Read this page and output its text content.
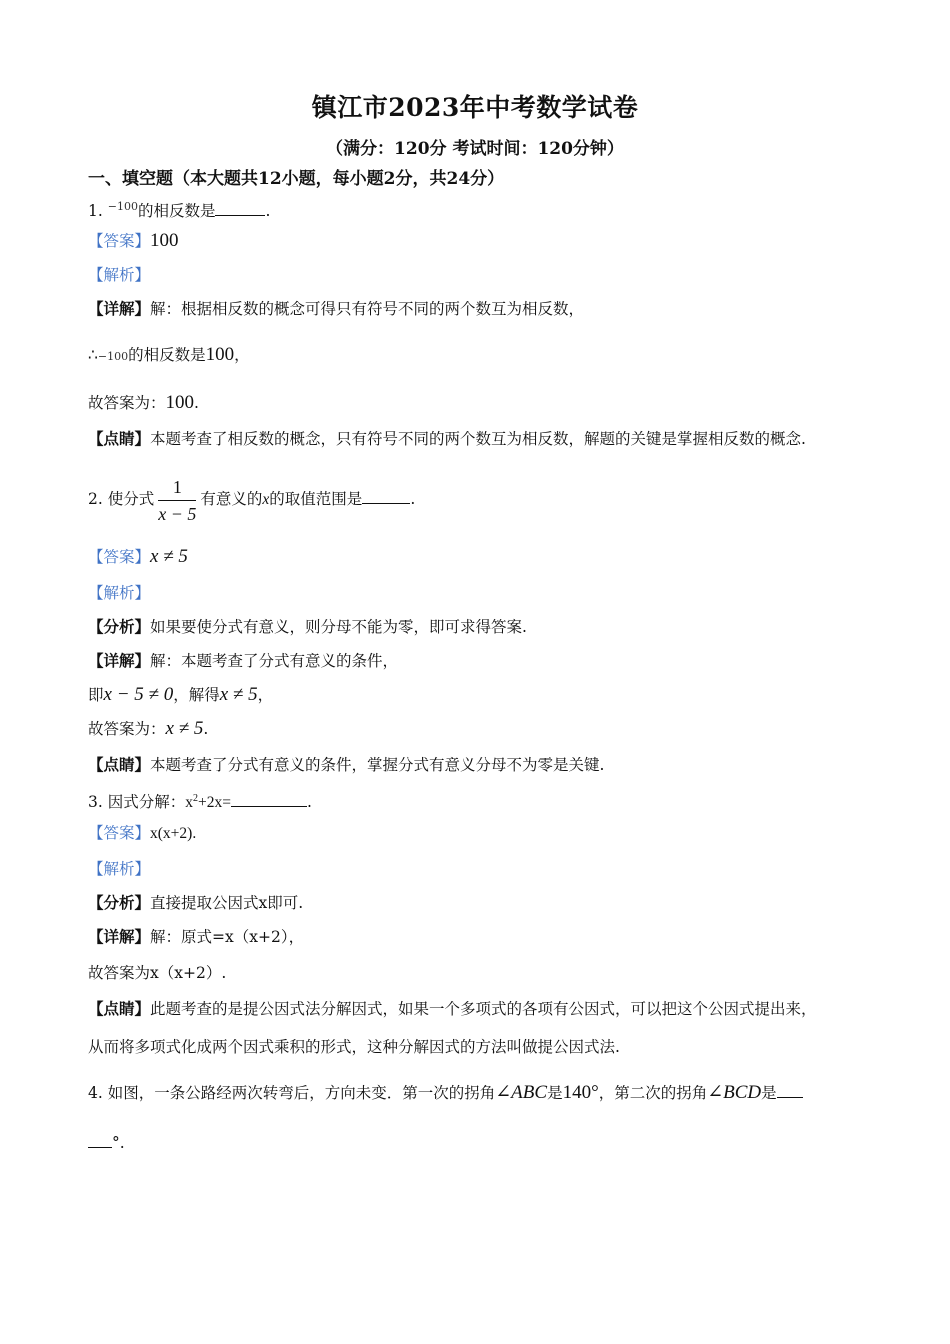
镇江市2023年中考数学试卷
（满分：120分 考试时间：120分钟）
一、填空题（本大题共12小题，每小题2分，共24分）
1. $^{-100}$的相反数是	.
【答案】100
【解析】
【详解】解：根据相反数的概念可得只有符号不同的两个数互为相反数，
∴−100的相反数是100，
故答案为：100.
【点睛】本题考查了相反数的概念，只有符号不同的两个数互为相反数，解题的关键是掌握相反数的概念.
2. 使分式 $\frac{1}{x - 5}$ 有意义的x的取值范围是	.
【答案】x ≠ 5
【解析】
【分析】如果要使分式有意义，则分母不能为零，即可求得答案.
【详解】解：本题考查了分式有意义的条件，
即x − 5 ≠ 0，解得x ≠ 5，
故答案为：x ≠ 5.
【点睛】本题考查了分式有意义的条件，掌握分式有意义分母不为零是关键.
3. 因式分解：$x^2+2x=$	.
【答案】x(x+2).
【解析】
【分析】直接提取公因式x即可.
【详解】解：原式=x（x+2），
故答案为x（x+2）.
【点睛】此题考查的是提公因式法分解因式，如果一个多项式的各项有公因式，可以把这个公因式提出来，
从而将多项式化成两个因式乘积的形式，这种分解因式的方法叫做提公因式法.
4. 如图，一条公路经两次转弯后，方向未变．第一次的拐角∠ABC是140°，第二次的拐角∠BCD是
°.
